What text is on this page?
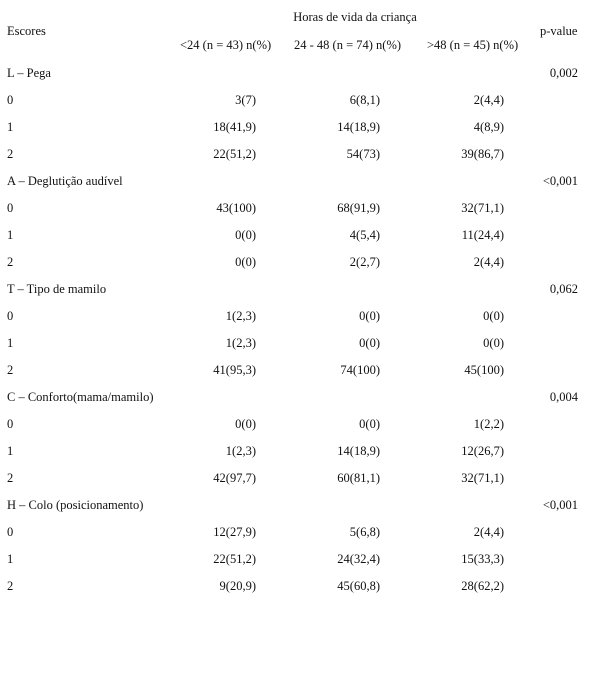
Horas de vida da criança
Escores	p-value
<24 (n = 43) n(%) 24 - 48 (n = 74) n(%) >48 (n = 45) n(%)
L – Pega	0,002
0	3(7)	6(8,1)	2(4,4)
1	18(41,9)	14(18,9)	4(8,9)
2	22(51,2)	54(73)	39(86,7)
A – Deglutição audível	<0,001
0	43(100)	68(91,9)	32(71,1)
1	0(0)	4(5,4)	11(24,4)
2	0(0)	2(2,7)	2(4,4)
T – Tipo de mamilo	0,062
0	1(2,3)	0(0)	0(0)
1	1(2,3)	0(0)	0(0)
2	41(95,3)	74(100)	45(100)
C – Conforto(mama/mamilo)	0,004
0	0(0)	0(0)	1(2,2)
1	1(2,3)	14(18,9)	12(26,7)
2	42(97,7)	60(81,1)	32(71,1)
H – Colo (posicionamento)	<0,001
0	12(27,9)	5(6,8)	2(4,4)
1	22(51,2)	24(32,4)	15(33,3)
2	9(20,9)	45(60,8)	28(62,2)
